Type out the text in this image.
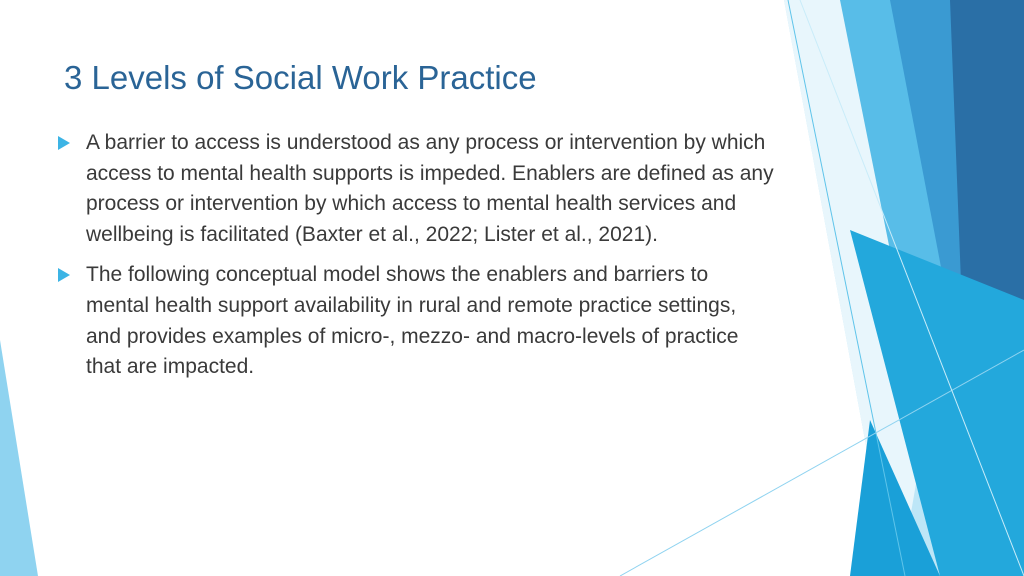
3 Levels of Social Work Practice
A barrier to access is understood as any process or intervention by which access to mental health supports is impeded. Enablers are defined as any process or intervention by which access to mental health services and wellbeing is facilitated (Baxter et al., 2022; Lister et al., 2021).
The following conceptual model shows the enablers and barriers to mental health support availability in rural and remote practice settings, and provides examples of micro-, mezzo- and macro-levels of practice that are impacted.
